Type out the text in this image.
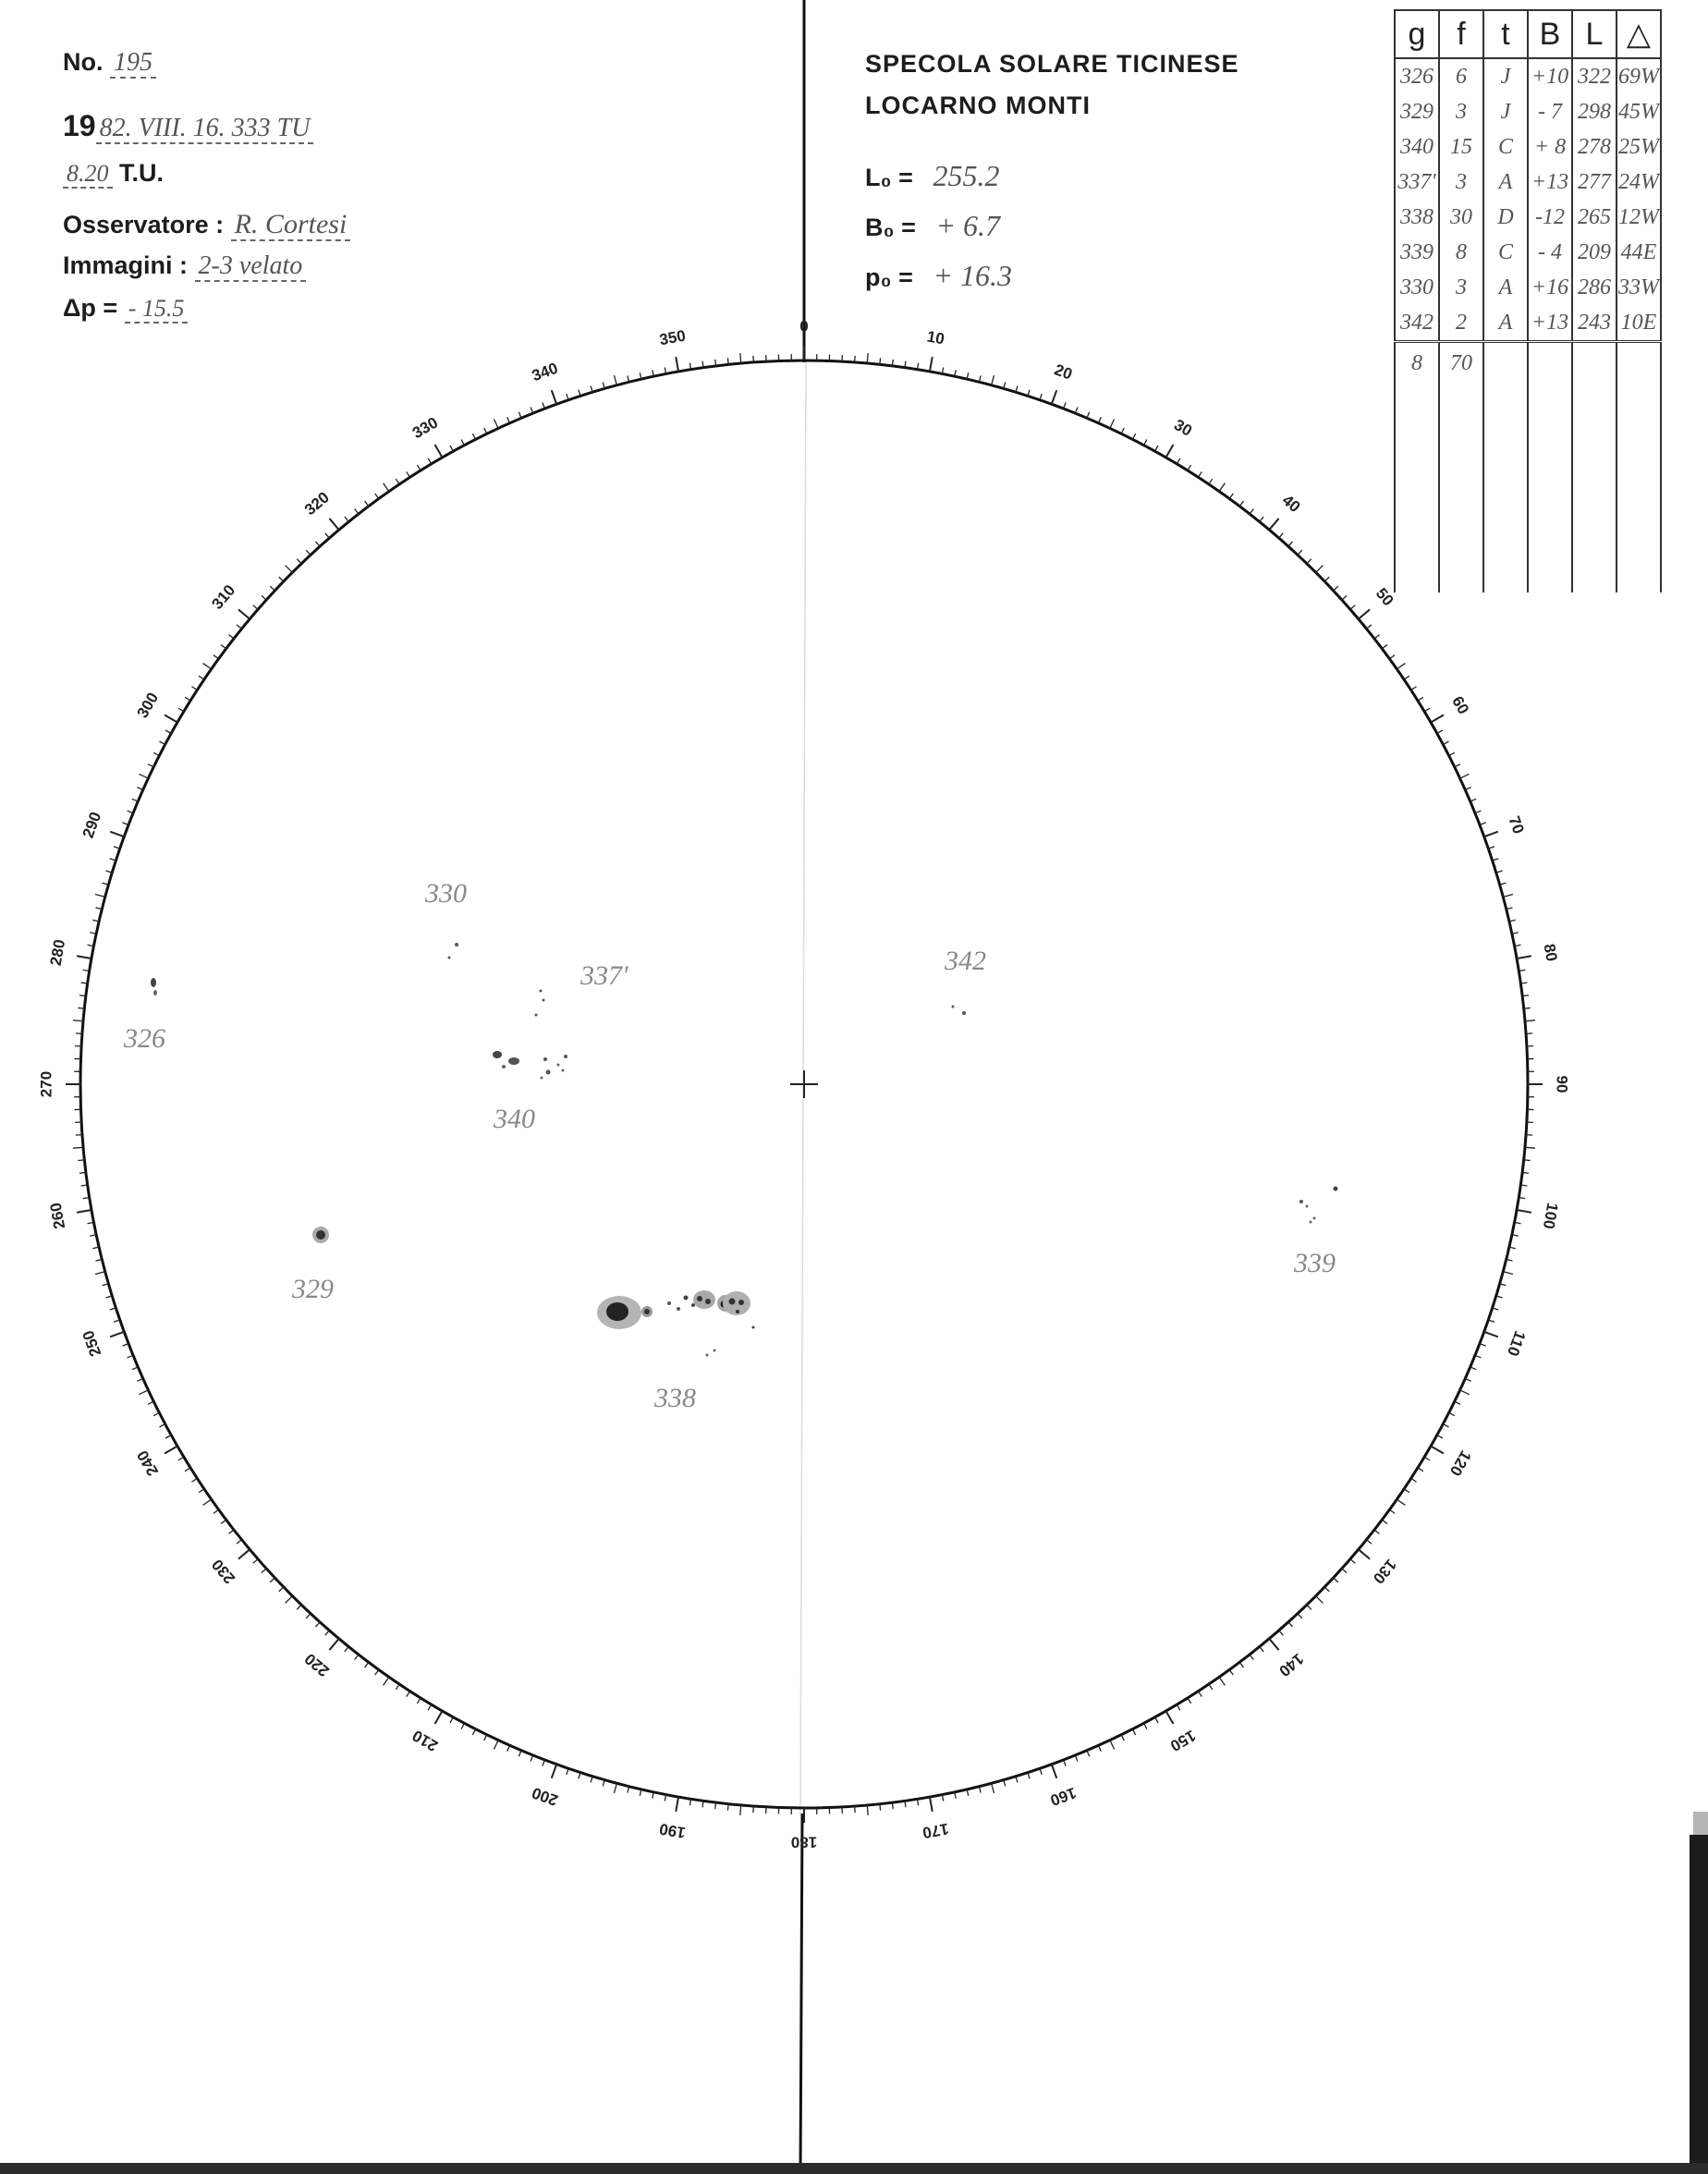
0
10
20
30
40
50
60
70
80
90
100
110
120
130
140
150
160
170
180
190
200
210
220
230
240
250
260
270
280
290
300
310
320
330
340
350
326
330
337'
340
342
329
338
339
No. 195
19 82. VIII. 16. 333 TU
8.20 T.U.
Osservatore : R. Cortesi
Immagini : 2-3 velato
Δp = - 15.5
SPECOLA SOLARE TICINESE
LOCARNO MONTI
L₀ = 255.2
B₀ = + 6.7
p₀ = + 16.3
g	f	t	B	L	△
326	6	J	+10	322	69W
329	3	J	- 7	298	45W
340	15	C	+ 8	278	25W
337'	3	A	+13	277	24W
338	30	D	-12	265	12W
339	8	C	- 4	209	44E
330	3	A	+16	286	33W
342	2	A	+13	243	10E
8	70				
